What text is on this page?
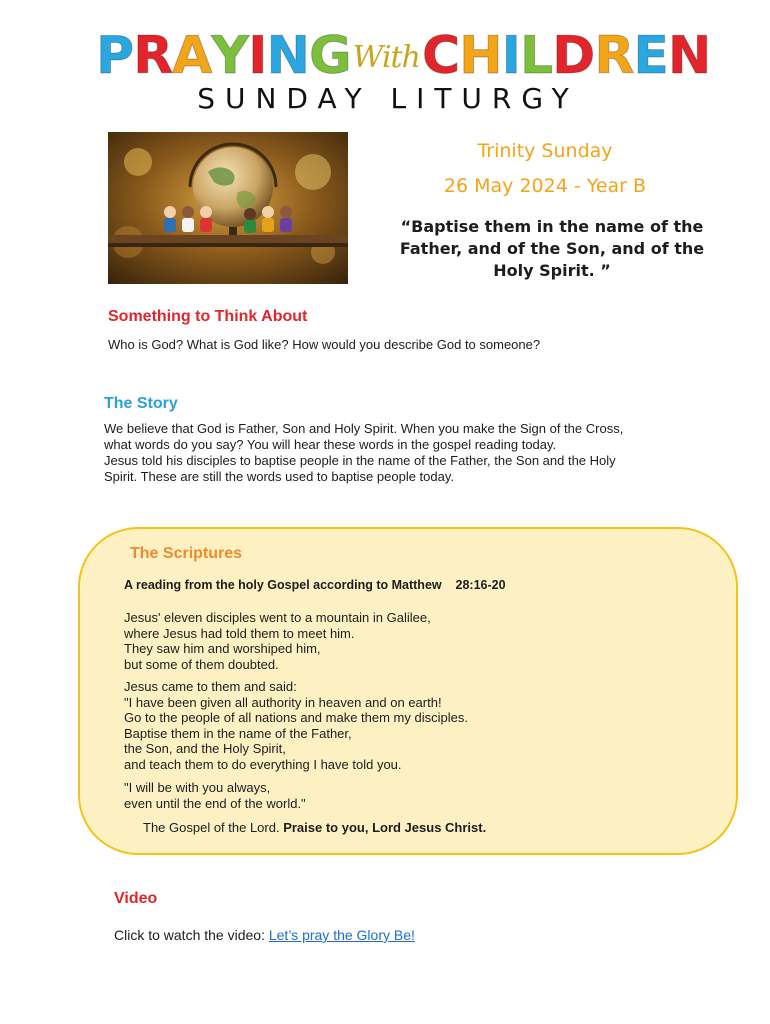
PRAYINGWithCHILDREN
SUNDAY LITURGY
Trinity Sunday
26 May 2024 - Year B
“Baptise them in the name of the Father, and of the Son, and of the Holy Spirit. ”
Something to Think About
Who is God? What is God like? How would you describe God to someone?
The Story
We believe that God is Father, Son and Holy Spirit. When you make the Sign of the Cross,
what words do you say? You will hear these words in the gospel reading today.
Jesus told his disciples to baptise people in the name of the Father, the Son and the Holy
Spirit. These are still the words used to baptise people today.
The Scriptures
A reading from the holy Gospel according to Matthew    28:16-20
Jesus' eleven disciples went to a mountain in Galilee,
where Jesus had told them to meet him.
They saw him and worshiped him,
but some of them doubted.
Jesus came to them and said:
"I have been given all authority in heaven and on earth!
Go to the people of all nations and make them my disciples.
Baptise them in the name of the Father,
the Son, and the Holy Spirit,
and teach them to do everything I have told you.
"I will be with you always,
even until the end of the world."
The Gospel of the Lord. Praise to you, Lord Jesus Christ.
Video
Click to watch the video: Let’s pray the Glory Be!
